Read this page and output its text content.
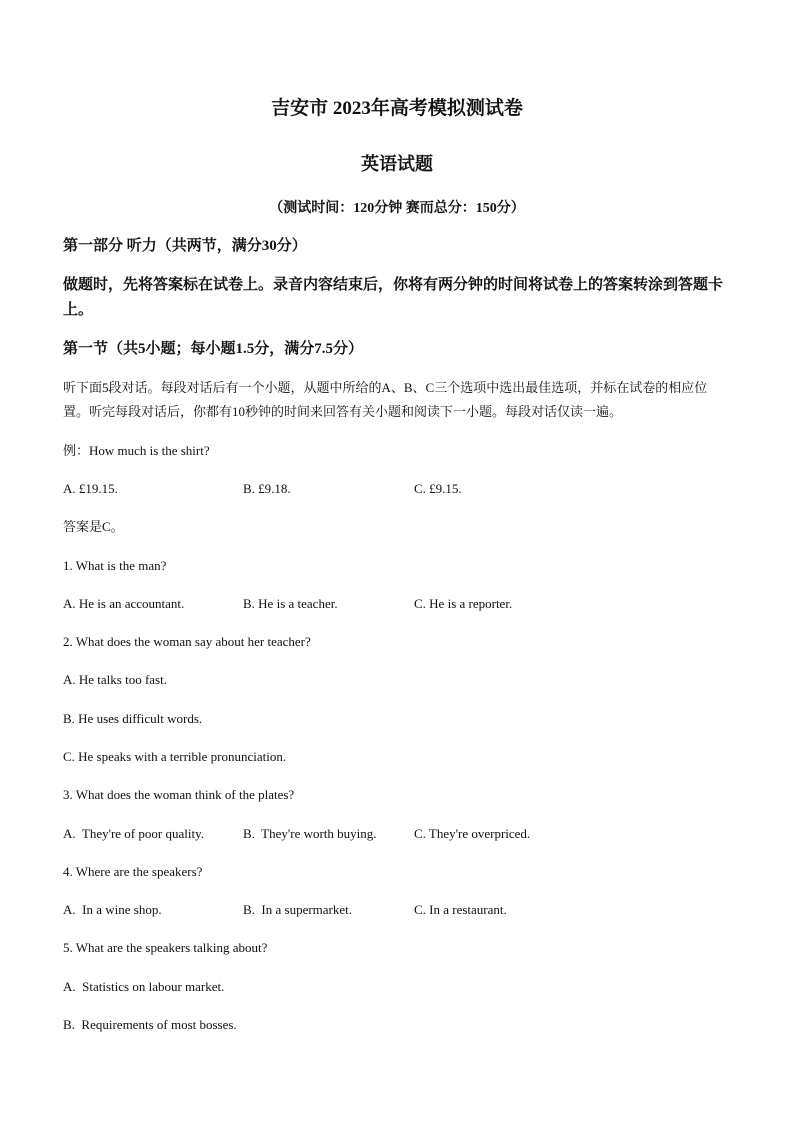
吉安市 2023年高考模拟测试卷
英语试题
（测试时间：120分钟 赛而总分：150分）
第一部分 听力（共两节，满分30分）
做题时，先将答案标在试卷上。录音内容结束后，你将有两分钟的时间将试卷上的答案转涂到答题卡上。
第一节（共5小题；每小题1.5分，满分7.5分）
听下面5段对话。每段对话后有一个小题，从题中所给的A、B、C三个选项中选出最佳选项，并标在试卷的相应位置。听完每段对话后，你都有10秒钟的时间来回答有关小题和阅读下一小题。每段对话仅读一遍。
例：How much is the shirt?
A. £19.15.	B. £9.18.	C. £9.15.
答案是C。
1. What is the man?
A. He is an accountant.	B. He is a teacher.	C. He is a reporter.
2. What does the woman say about her teacher?
A. He talks too fast.
B. He uses difficult words.
C. He speaks with a terrible pronunciation.
3. What does the woman think of the plates?
A.  They're of poor quality.	B.  They're worth buying.	C. They're overpriced.
4. Where are the speakers?
A.  In a wine shop.	B.  In a supermarket.	C. In a restaurant.
5. What are the speakers talking about?
A.  Statistics on labour market.
B.  Requirements of most bosses.
